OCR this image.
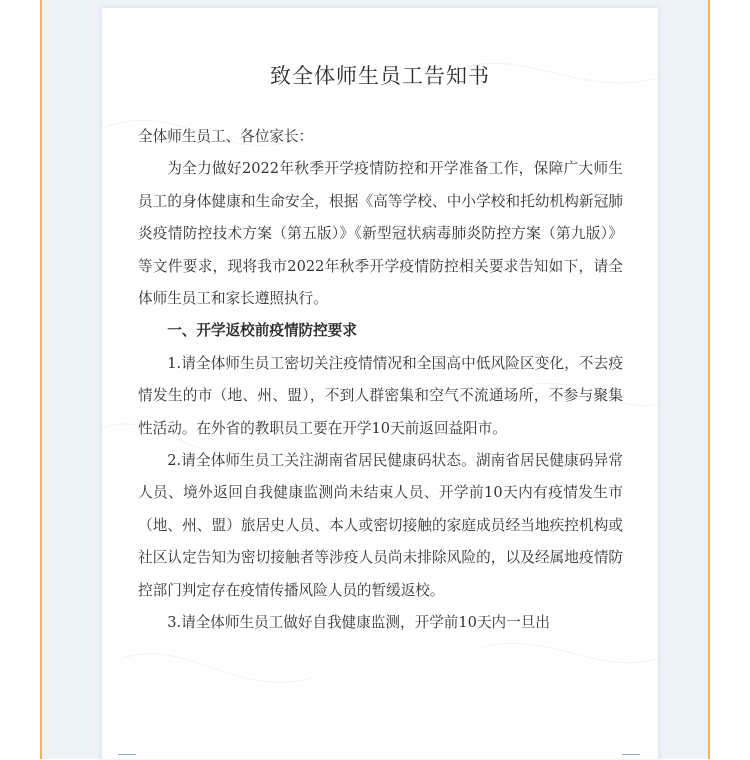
致全体师生员工告知书

全体师生员工、各位家长：

为全力做好2022年秋季开学疫情防控和开学准备工作，保障广大师生员工的身体健康和生命安全，根据《高等学校、中小学校和托幼机构新冠肺炎疫情防控技术方案（第五版）》《新型冠状病毒肺炎防控方案（第九版）》等文件要求，现将我市2022年秋季开学疫情防控相关要求告知如下，请全体师生员工和家长遵照执行。

一、开学返校前疫情防控要求

1.请全体师生员工密切关注疫情情况和全国高中低风险区变化，不去疫情发生的市（地、州、盟），不到人群密集和空气不流通场所，不参与聚集性活动。在外省的教职员工要在开学10天前返回益阳市。

2.请全体师生员工关注湖南省居民健康码状态。湖南省居民健康码异常人员、境外返回自我健康监测尚未结束人员、开学前10天内有疫情发生市（地、州、盟）旅居史人员、本人或密切接触的家庭成员经当地疾控机构或社区认定告知为密切接触者等涉疫人员尚未排除风险的，以及经属地疫情防控部门判定存在疫情传播风险人员的暂缓返校。

3.请全体师生员工做好自我健康监测，开学前10天内一旦出
